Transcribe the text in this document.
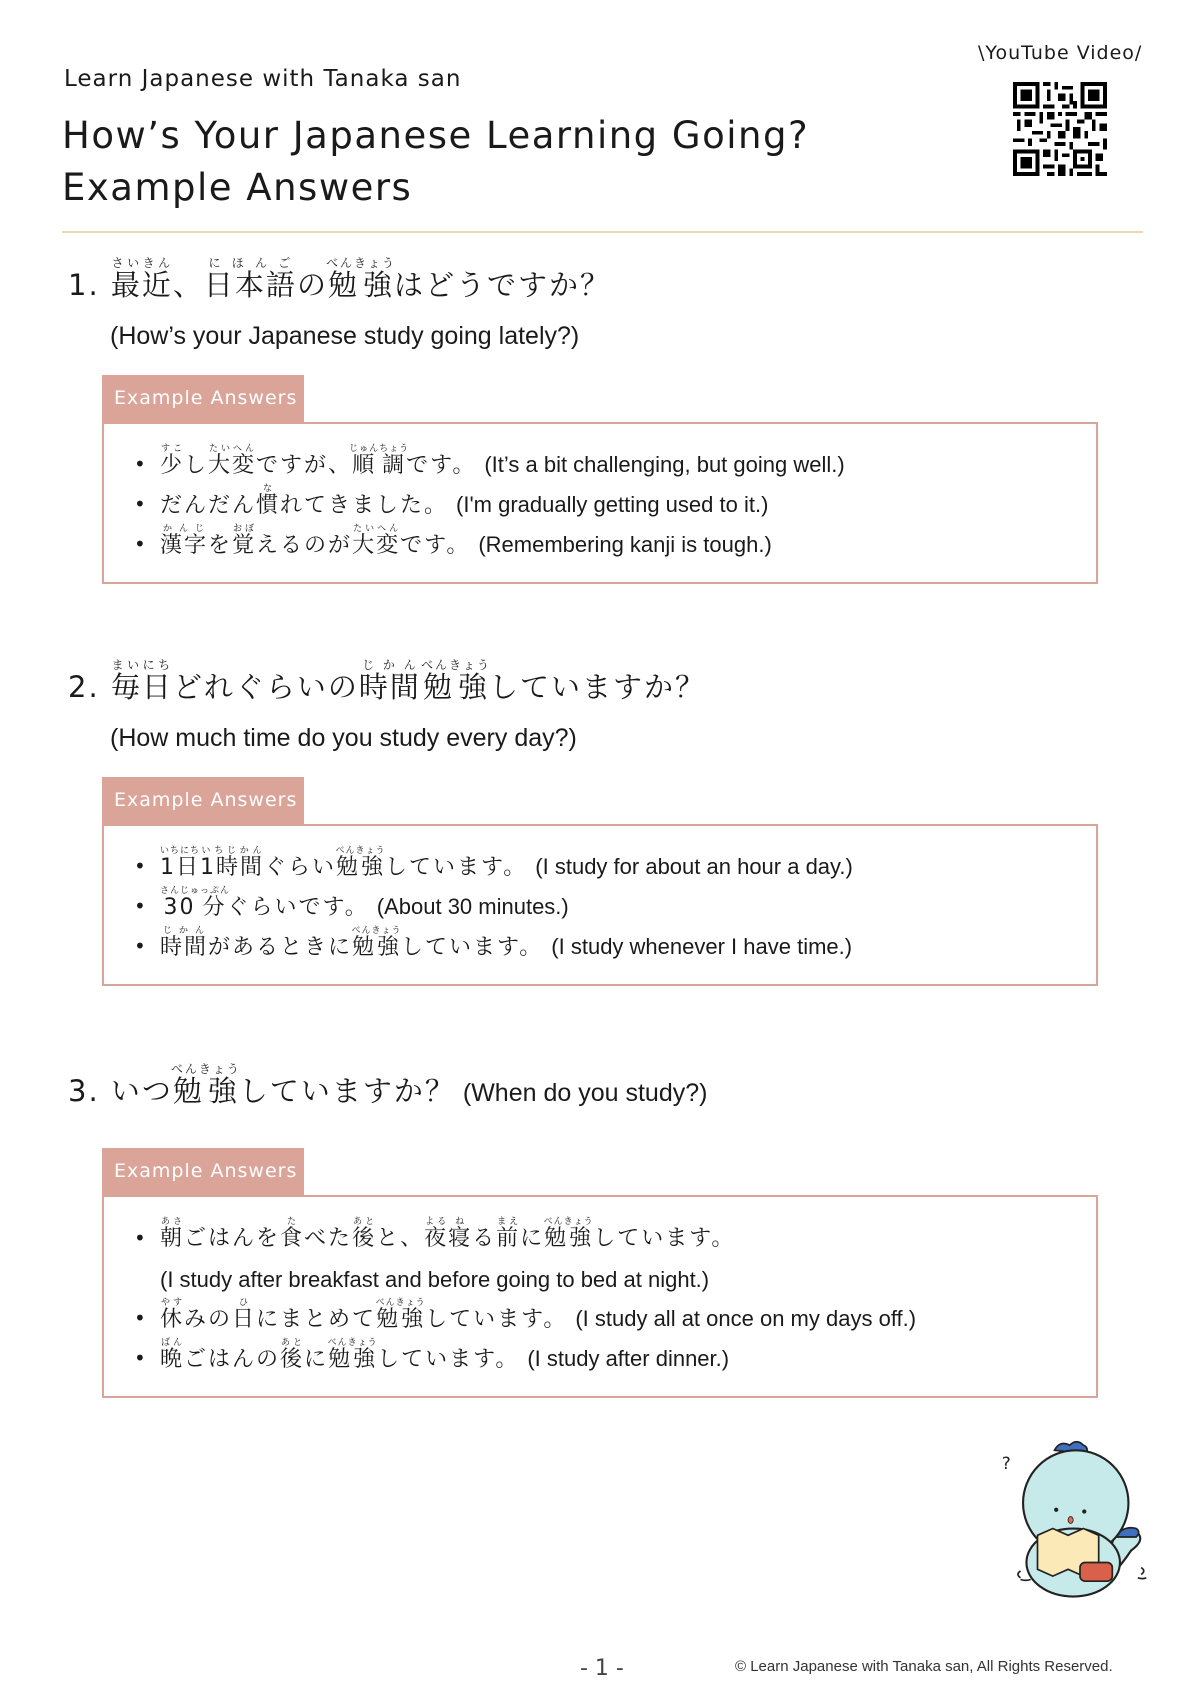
Learn Japanese with Tanaka san
How’s Your Japanese Learning Going?
Example Answers
\YouTube Video/
1. 最近さいきん、日本語にほんごの勉強べんきょうはどうですか？
(How’s your Japanese study going lately?)
Example Answers
• 少すこし大変たいへんですが、順調じゅんちょうです。 (It’s a bit challenging, but going well.)
• だんだん慣なれてきました。 (I'm gradually getting used to it.)
• 漢字かんじを覚おぼえるのが大変たいへんです。 (Remembering kanji is tough.)
2. 毎日まいにちどれぐらいの時間じかん勉強べんきょうしていますか？
(How much time do you study every day?)
Example Answers
• 1日いちにち1時間いちじかんぐらい勉強べんきょうしています。 (I study for about an hour a day.)
• 30分さんじゅっぷんぐらいです。 (About 30 minutes.)
• 時間じかんがあるときに勉強べんきょうしています。 (I study whenever I have time.)
3. いつ勉強べんきょうしていますか？ (When do you study?)
Example Answers
• 朝あさごはんを食たべた後あとと、夜よる寝ねる前まえに勉強べんきょうしています。
(I study after breakfast and before going to bed at night.)
• 休やすみの日ひにまとめて勉強べんきょうしています。 (I study all at once on my days off.)
• 晩ばんごはんの後あとに勉強べんきょうしています。 (I study after dinner.)
?
- 1 -	© Learn Japanese with Tanaka san, All Rights Reserved.
